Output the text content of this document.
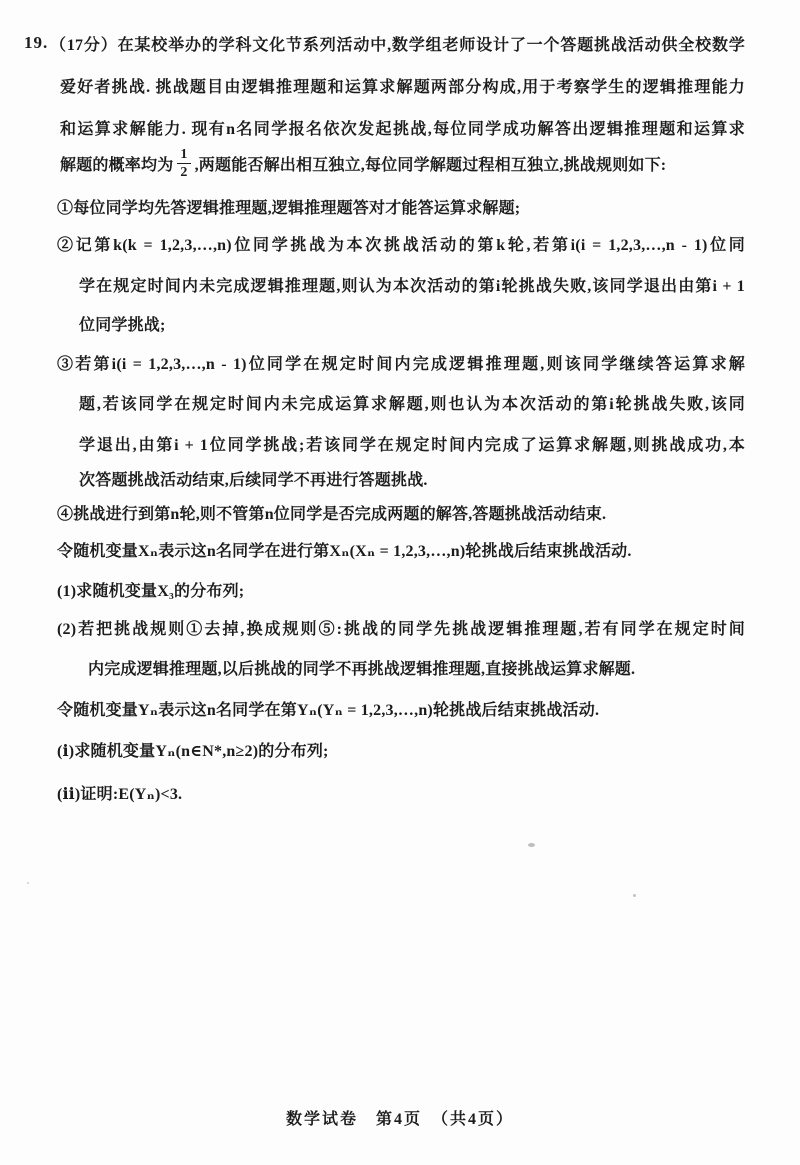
19. （17分）在某校举办的学科文化节系列活动中,数学组老师设计了一个答题挑战活动供全校数学
爱好者挑战. 挑战题目由逻辑推理题和运算求解题两部分构成,用于考察学生的逻辑推理能力
和运算求解能力. 现有n名同学报名依次发起挑战,每位同学成功解答出逻辑推理题和运算求
解题的概率均为 $\frac{1}{2}$ ,两题能否解出相互独立,每位同学解题过程相互独立,挑战规则如下:
①每位同学均先答逻辑推理题,逻辑推理题答对才能答运算求解题;
②记第k(k = 1,2,3,…,n)位同学挑战为本次挑战活动的第k轮,若第i(i = 1,2,3,…,n - 1)位同
学在规定时间内未完成逻辑推理题,则认为本次活动的第i轮挑战失败,该同学退出由第i + 1
位同学挑战;
③若第i(i = 1,2,3,…,n - 1)位同学在规定时间内完成逻辑推理题,则该同学继续答运算求解
题,若该同学在规定时间内未完成运算求解题,则也认为本次活动的第i轮挑战失败,该同
学退出,由第i + 1位同学挑战;若该同学在规定时间内完成了运算求解题,则挑战成功,本
次答题挑战活动结束,后续同学不再进行答题挑战.
④挑战进行到第n轮,则不管第n位同学是否完成两题的解答,答题挑战活动结束.
令随机变量Xₙ表示这n名同学在进行第Xₙ(Xₙ = 1,2,3,…,n)轮挑战后结束挑战活动.
(1)求随机变量X₃的分布列;
(2)若把挑战规则①去掉,换成规则⑤:挑战的同学先挑战逻辑推理题,若有同学在规定时间
内完成逻辑推理题,以后挑战的同学不再挑战逻辑推理题,直接挑战运算求解题.
令随机变量Yₙ表示这n名同学在第Yₙ(Yₙ = 1,2,3,…,n)轮挑战后结束挑战活动.
(ⅰ)求随机变量Yₙ(n∈N*,n≥2)的分布列;
(ⅱ)证明:E(Yₙ)<3.
数学试卷　第4页　（共4页）
